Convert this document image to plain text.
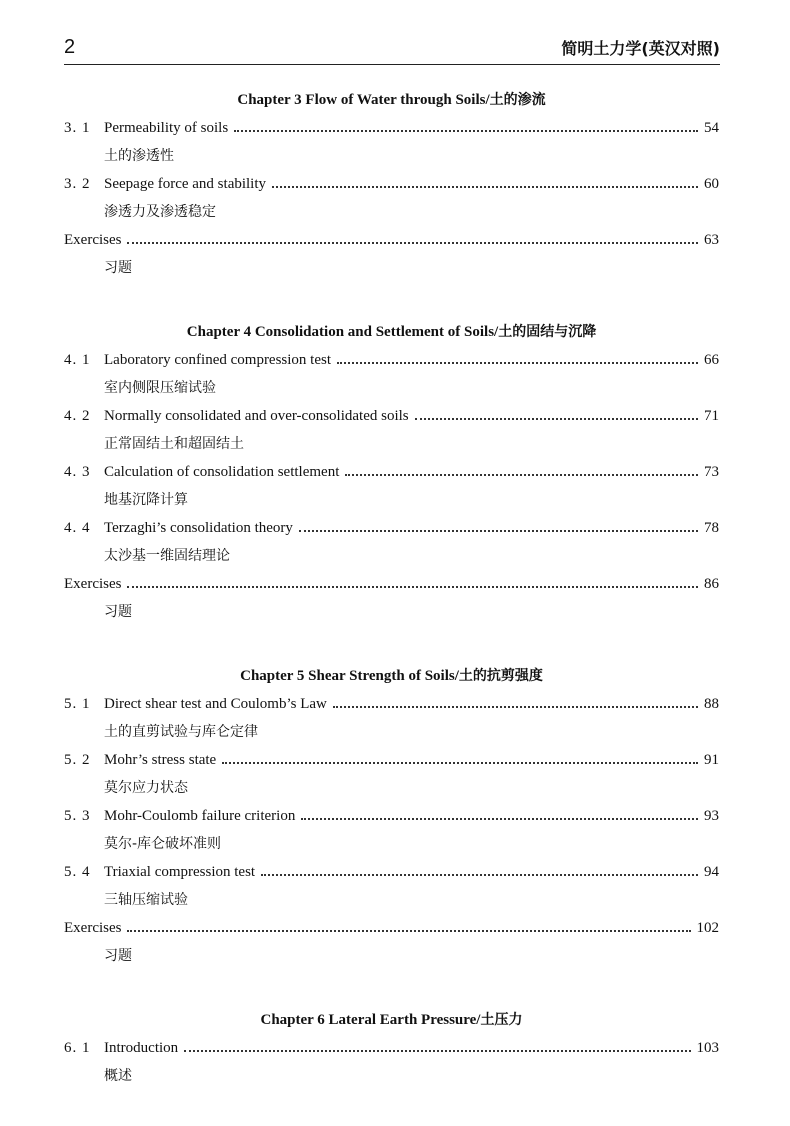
2	简明土力学(英汉对照)
Chapter 3 Flow of Water through Soils/土的渗流
3. 1 Permeability of soils	54
土的渗透性
3. 2 Seepage force and stability	60
渗透力及渗透稳定
Exercises	63
习题
Chapter 4 Consolidation and Settlement of Soils/土的固结与沉降
4. 1 Laboratory confined compression test	66
室内侧限压缩试验
4. 2 Normally consolidated and over-consolidated soils	71
正常固结土和超固结土
4. 3 Calculation of consolidation settlement	73
地基沉降计算
4. 4 Terzaghi’s consolidation theory	78
太沙基一维固结理论
Exercises	86
习题
Chapter 5 Shear Strength of Soils/土的抗剪强度
5. 1 Direct shear test and Coulomb’s Law	88
土的直剪试验与库仑定律
5. 2 Mohr’s stress state	91
莫尔应力状态
5. 3 Mohr-Coulomb failure criterion	93
莫尔-库仑破坏准则
5. 4 Triaxial compression test	94
三轴压缩试验
Exercises	102
习题
Chapter 6 Lateral Earth Pressure/土压力
6. 1 Introduction	103
概述
